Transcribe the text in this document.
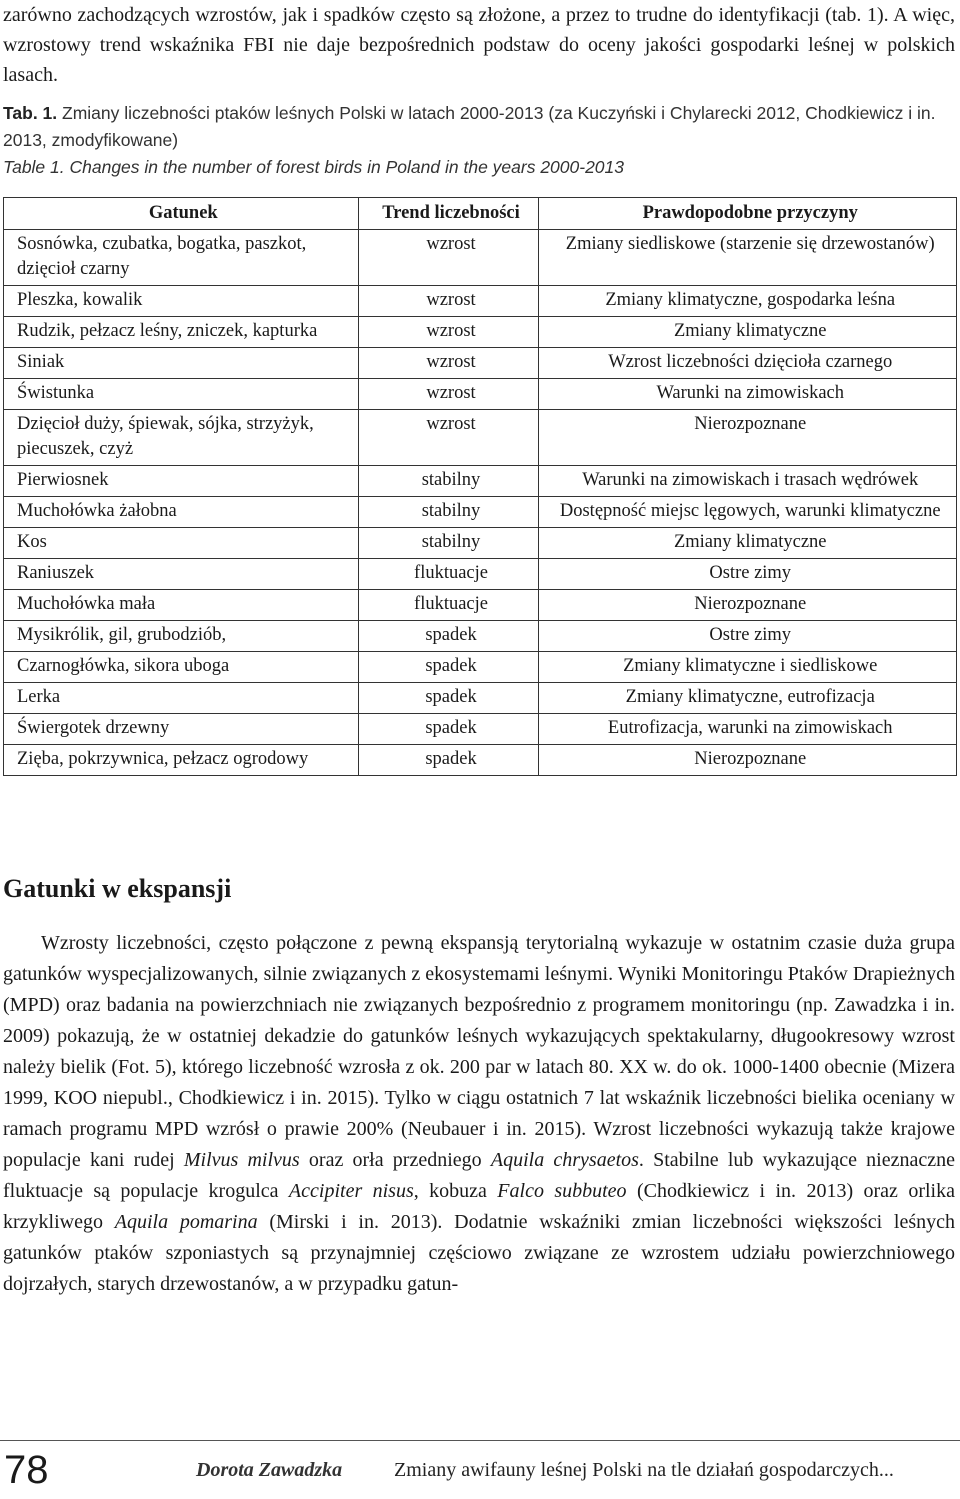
zarówno zachodzących wzrostów, jak i spadków często są złożone, a przez to trudne do identyfikacji (tab. 1). A więc, wzrostowy trend wskaźnika FBI nie daje bezpośrednich podstaw do oceny jakości gospodarki leśnej w polskich lasach.

Tab. 1. Zmiany liczebności ptaków leśnych Polski w latach 2000-2013 (za Kuczyński i Chylarecki 2012, Chodkiewicz i in. 2013, zmodyfikowane)
Table 1. Changes in the number of forest birds in Poland in the years 2000-2013
Gatunek	Trend liczebności	Prawdopodobne przyczyny
Sosnówka, czubatka, bogatka, paszkot, dzięcioł czarny	wzrost	Zmiany siedliskowe (starzenie się drzewostanów)
Pleszka, kowalik	wzrost	Zmiany klimatyczne, gospodarka leśna
Rudzik, pełzacz leśny, zniczek, kapturka	wzrost	Zmiany klimatyczne
Siniak	wzrost	Wzrost liczebności dzięcioła czarnego
Świstunka	wzrost	Warunki na zimowiskach
Dzięcioł duży, śpiewak, sójka, strzyżyk, piecuszek, czyż	wzrost	Nierozpoznane
Pierwiosnek	stabilny	Warunki na zimowiskach i trasach wędrówek
Muchołówka żałobna	stabilny	Dostępność miejsc lęgowych, warunki klimatyczne
Kos	stabilny	Zmiany klimatyczne
Raniuszek	fluktuacje	Ostre zimy
Muchołówka mała	fluktuacje	Nierozpoznane
Mysikrólik, gil, grubodziób,	spadek	Ostre zimy
Czarnogłówka, sikora uboga	spadek	Zmiany klimatyczne i siedliskowe
Lerka	spadek	Zmiany klimatyczne, eutrofizacja
Świergotek drzewny	spadek	Eutrofizacja, warunki na zimowiskach
Zięba, pokrzywnica, pełzacz ogrodowy	spadek	Nierozpoznane
Gatunki w ekspansji

Wzrosty liczebności, często połączone z pewną ekspansją terytorialną wykazuje w ostatnim czasie duża grupa gatunków wyspecjalizowanych, silnie związanych z ekosystemami leśnymi. Wyniki Monitoringu Ptaków Drapieżnych (MPD) oraz badania na powierzchniach nie związanych bezpośrednio z programem monitoringu (np. Zawadzka i in. 2009) pokazują, że w ostatniej dekadzie do gatunków leśnych wykazujących spektakularny, długookresowy wzrost należy bielik (Fot. 5), którego liczebność wzrosła z ok. 200 par w latach 80. XX w. do ok. 1000-1400 obecnie (Mizera 1999, KOO niepubl., Chodkiewicz i in. 2015). Tylko w ciągu ostatnich 7 lat wskaźnik liczebności bielika oceniany w ramach programu MPD wzrósł o prawie 200% (Neubauer i in. 2015). Wzrost liczebności wykazują także krajowe populacje kani rudej Milvus milvus oraz orła przedniego Aquila chrysaetos. Stabilne lub wykazujące nieznaczne fluktuacje są populacje krogulca Accipiter nisus, kobuza Falco subbuteo (Chodkiewicz i in. 2013) oraz orlika krzykliwego Aquila pomarina (Mirski i in. 2013). Dodatnie wskaźniki zmian liczebności większości leśnych gatunków ptaków szponiastych są przynajmniej częściowo związane ze wzrostem udziału powierzchniowego dojrzałych, starych drzewostanów, a w przypadku gatun-

78	Dorota Zawadzka	Zmiany awifauny leśnej Polski na tle działań gospodarczych...
